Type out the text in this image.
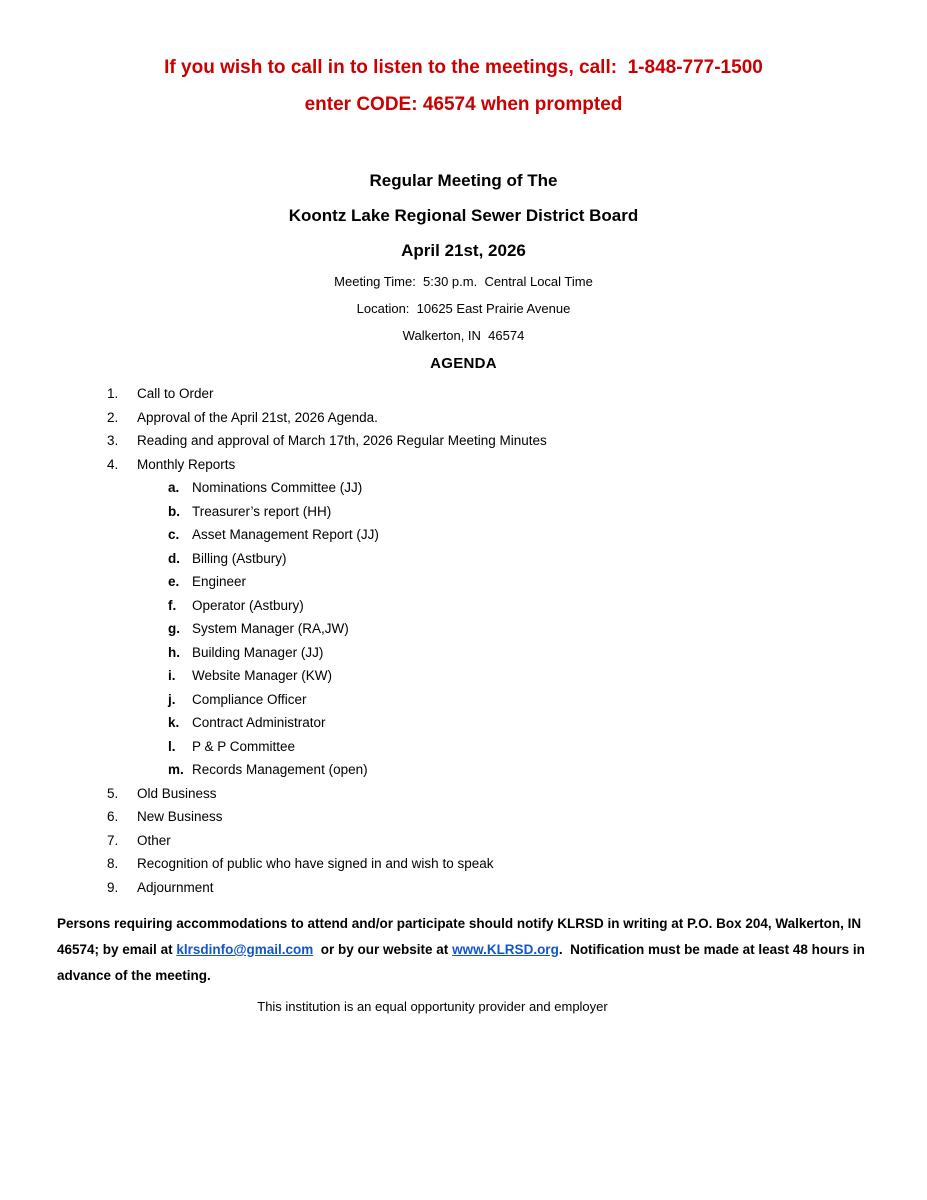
If you wish to call in to listen to the meetings, call:  1-848-777-1500
enter CODE: 46574 when prompted
Regular Meeting of The
Koontz Lake Regional Sewer District Board
April 21st, 2026
Meeting Time:  5:30 p.m.  Central Local Time
Location:  10625 East Prairie Avenue
Walkerton, IN  46574
AGENDA
1.	Call to Order
2.	Approval of the April 21st, 2026 Agenda.
3.	Reading and approval of March 17th, 2026 Regular Meeting Minutes
4.	Monthly Reports
a. Nominations Committee (JJ)
b. Treasurer’s report (HH)
c. Asset Management Report (JJ)
d. Billing (Astbury)
e. Engineer
f.	Operator (Astbury)
g. System Manager (RA,JW)
h. Building Manager (JJ)
i.	Website Manager (KW)
j.	Compliance Officer
k. Contract Administrator
l.	P & P Committee
m. Records Management (open)
5.	Old Business
6.	New Business
7.	Other
8.	Recognition of public who have signed in and wish to speak
9.	Adjournment

Persons requiring accommodations to attend and/or participate should notify KLRSD in writing at P.O. Box 204, Walkerton, IN 46574; by email at klrsdinfo@gmail.com  or by our website at www.KLRSD.org.  Notification must be made at least 48 hours in advance of the meeting.

This institution is an equal opportunity provider and employer
